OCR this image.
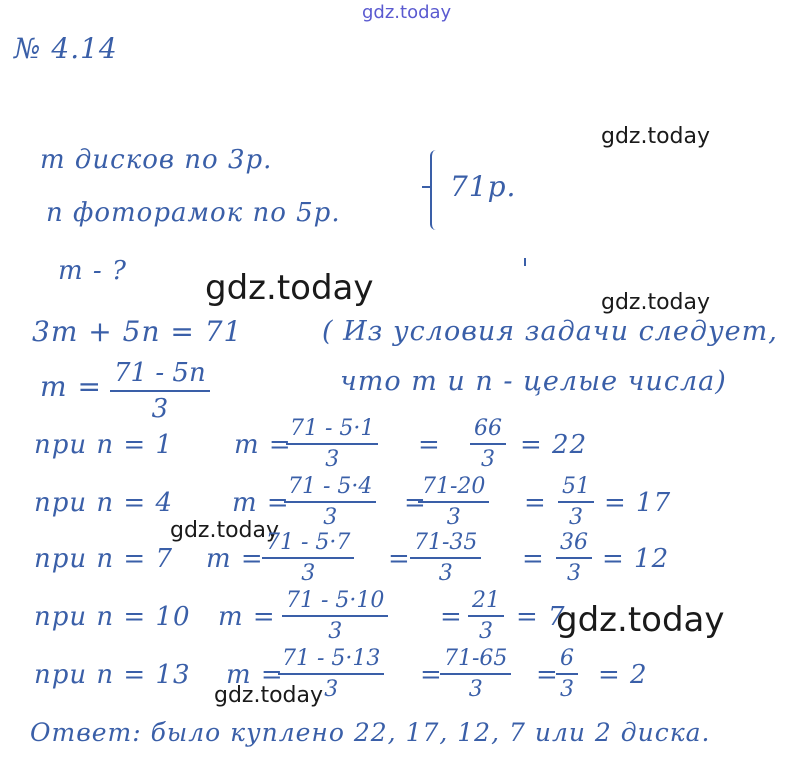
gdz.today
gdz.today
gdz.today	gdz.today
gdz.today
gdz.today
gdz.today
№ 4.14
m дисков по 3р.
n фоторамок по 5р.
71р.
m - ?
3m + 5n = 71	( Из условия задачи следует,
что m и n - целые числа)
$m = \frac{71 - 5n}{3}$
при n = 1 m =
$\frac{71 - 5\cdot 1}{3} = \frac{66}{3} = 22$
при n = 4 m =
$\frac{71 - 5\cdot 4}{3}$ =
$\frac{71-20}{3} = \frac{51}{3} = 17$
при n = 7 m =
$\frac{71 - 5\cdot 7}{3} = \frac{71-35}{3} = \frac{36}{3} = 12$
при n = 10 $m = \frac{71 - 5\cdot 10}{3} = \frac{21}{3} = 7$
при n = 13 m =
$\frac{71 - 5\cdot 13}{3}$ =
$\frac{71-65}{3}$ =
$\frac{6}{3} = 2$
Ответ: было куплено 22, 17, 12, 7 или 2 диска.
